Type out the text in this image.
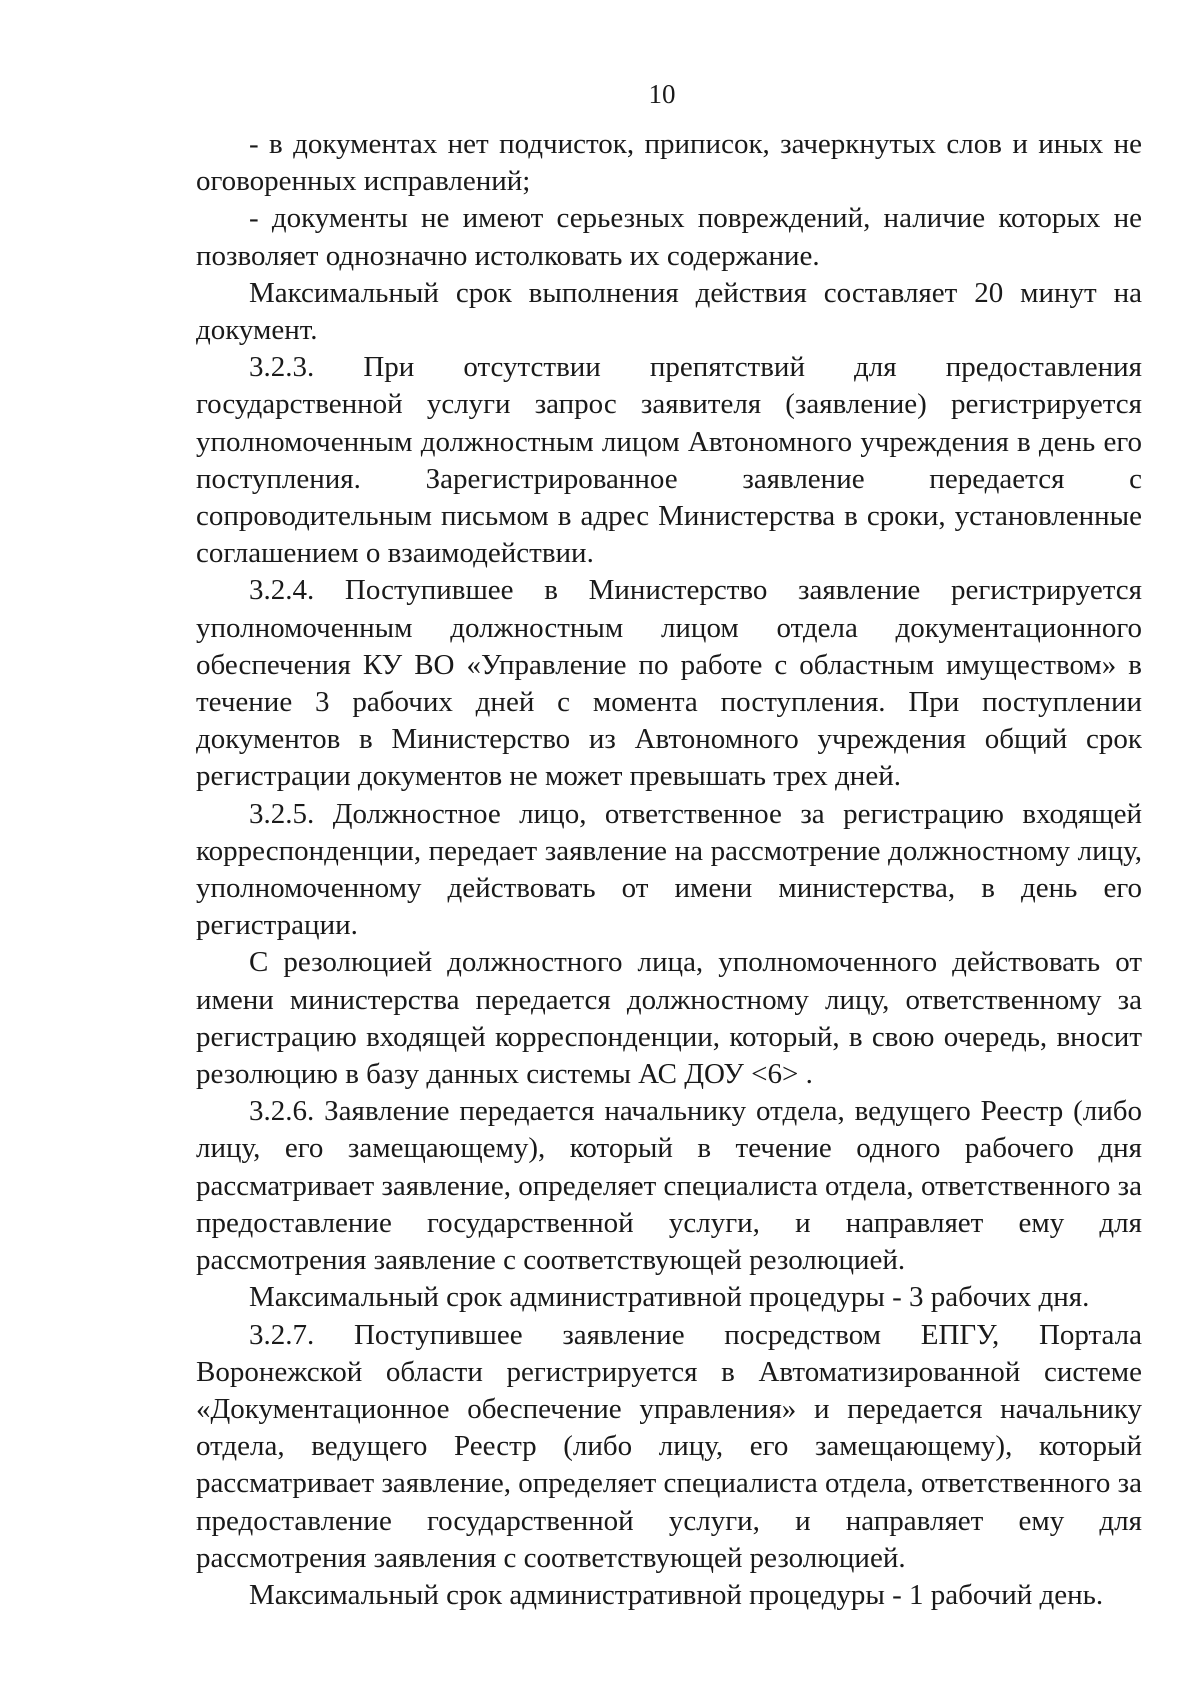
10

- в документах нет подчисток, приписок, зачеркнутых слов и иных не оговоренных исправлений;

- документы не имеют серьезных повреждений, наличие которых не позволяет однозначно истолковать их содержание.

Максимальный срок выполнения действия составляет 20 минут на документ.

3.2.3. При отсутствии препятствий для предоставления государственной услуги запрос заявителя (заявление) регистрируется уполномоченным должностным лицом Автономного учреждения в день его поступления. Зарегистрированное заявление передается с сопроводительным письмом в адрес Министерства в сроки, установленные соглашением о взаимодействии.

3.2.4. Поступившее в Министерство заявление регистрируется уполномоченным должностным лицом отдела документационного обеспечения КУ ВО «Управление по работе с областным имуществом» в течение 3 рабочих дней с момента поступления. При поступлении документов в Министерство из Автономного учреждения общий срок регистрации документов не может превышать трех дней.

3.2.5. Должностное лицо, ответственное за регистрацию входящей корреспонденции, передает заявление на рассмотрение должностному лицу, уполномоченному действовать от имени министерства, в день его регистрации.

С резолюцией должностного лица, уполномоченного действовать от имени министерства передается должностному лицу, ответственному за регистрацию входящей корреспонденции, который, в свою очередь, вносит резолюцию в базу данных системы АС ДОУ <6> .

3.2.6. Заявление передается начальнику отдела, ведущего Реестр (либо лицу, его замещающему), который в течение одного рабочего дня рассматривает заявление, определяет специалиста отдела, ответственного за предоставление государственной услуги, и направляет ему для рассмотрения заявление с соответствующей резолюцией.

Максимальный срок административной процедуры - 3 рабочих дня.

3.2.7. Поступившее заявление посредством ЕПГУ, Портала Воронежской области регистрируется в Автоматизированной системе «Документационное обеспечение управления» и передается начальнику отдела, ведущего Реестр (либо лицу, его замещающему), который рассматривает заявление, определяет специалиста отдела, ответственного за предоставление государственной услуги, и направляет ему для рассмотрения заявления с соответствующей резолюцией.

Максимальный срок административной процедуры - 1 рабочий день.
